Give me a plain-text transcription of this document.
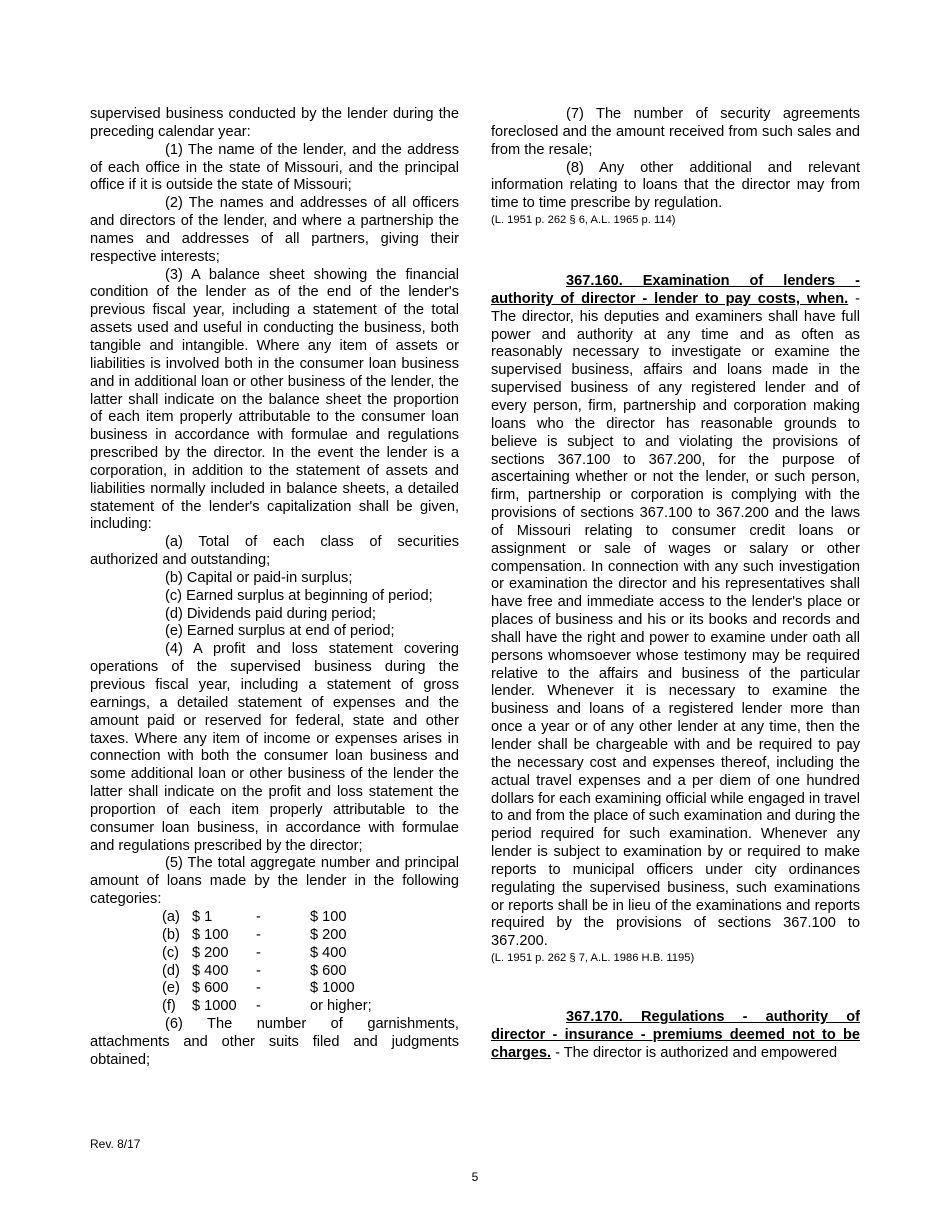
supervised business conducted by the lender during the preceding calendar year:

(1) The name of the lender, and the address of each office in the state of Missouri, and the principal office if it is outside the state of Missouri;

(2) The names and addresses of all officers and directors of the lender, and where a partnership the names and addresses of all partners, giving their respective interests;

(3) A balance sheet showing the financial condition of the lender as of the end of the lender's previous fiscal year, including a statement of the total assets used and useful in conducting the business, both tangible and intangible. Where any item of assets or liabilities is involved both in the consumer loan business and in additional loan or other business of the lender, the latter shall indicate on the balance sheet the proportion of each item properly attributable to the consumer loan business in accordance with formulae and regulations prescribed by the director. In the event the lender is a corporation, in addition to the statement of assets and liabilities normally included in balance sheets, a detailed statement of the lender's capitalization shall be given, including:

(a) Total of each class of securities authorized and outstanding;

(b) Capital or paid-in surplus;

(c) Earned surplus at beginning of period;

(d) Dividends paid during period;

(e) Earned surplus at end of period;

(4) A profit and loss statement covering operations of the supervised business during the previous fiscal year, including a statement of gross earnings, a detailed statement of expenses and the amount paid or reserved for federal, state and other taxes. Where any item of income or expenses arises in connection with both the consumer loan business and some additional loan or other business of the lender the latter shall indicate on the profit and loss statement the proportion of each item properly attributable to the consumer loan business, in accordance with formulae and regulations prescribed by the director;

(5) The total aggregate number and principal amount of loans made by the lender in the following categories:

(a)	$ 1	-	$ 100
(b)	$ 100	-	$ 200
(c)	$ 200	-	$ 400
(d)	$ 400	-	$ 600
(e)	$ 600	-	$ 1000
(f)	$ 1000	-	or higher;

(6) The number of garnishments, attachments and other suits filed and judgments obtained;

(7) The number of security agreements foreclosed and the amount received from such sales and from the resale;

(8) Any other additional and relevant information relating to loans that the director may from time to time prescribe by regulation.

(L. 1951 p. 262 § 6, A.L. 1965 p. 114)

367.160. Examination of lenders - authority of director - lender to pay costs, when. - The director, his deputies and examiners shall have full power and authority at any time and as often as reasonably necessary to investigate or examine the supervised business, affairs and loans made in the supervised business of any registered lender and of every person, firm, partnership and corporation making loans who the director has reasonable grounds to believe is subject to and violating the provisions of sections 367.100 to 367.200, for the purpose of ascertaining whether or not the lender, or such person, firm, partnership or corporation is complying with the provisions of sections 367.100 to 367.200 and the laws of Missouri relating to consumer credit loans or assignment or sale of wages or salary or other compensation. In connection with any such investigation or examination the director and his representatives shall have free and immediate access to the lender's place or places of business and his or its books and records and shall have the right and power to examine under oath all persons whomsoever whose testimony may be required relative to the affairs and business of the particular lender. Whenever it is necessary to examine the business and loans of a registered lender more than once a year or of any other lender at any time, then the lender shall be chargeable with and be required to pay the necessary cost and expenses thereof, including the actual travel expenses and a per diem of one hundred dollars for each examining official while engaged in travel to and from the place of such examination and during the period required for such examination. Whenever any lender is subject to examination by or required to make reports to municipal officers under city ordinances regulating the supervised business, such examinations or reports shall be in lieu of the examinations and reports required by the provisions of sections 367.100 to 367.200.

(L. 1951 p. 262 § 7, A.L. 1986 H.B. 1195)

367.170. Regulations - authority of director - insurance - premiums deemed not to be charges. - The director is authorized and empowered

Rev. 8/17
5
